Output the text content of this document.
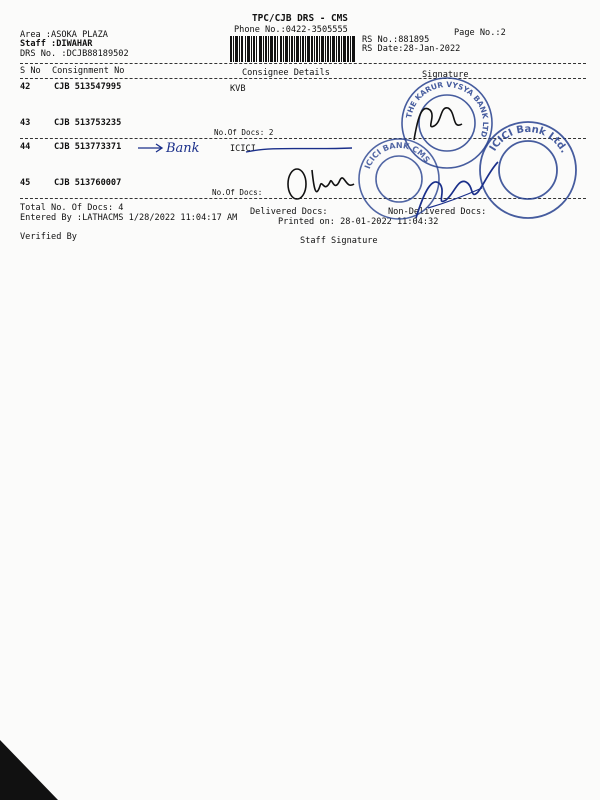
TPC/CJB DRS - CMS
Phone No.:0422-3505555	Page No.:2
Area :ASOKA PLAZA
Staff :DIWAHAR
DRS No. :DCJB88189502
RS No.:881895
RS Date:28-Jan-2022
S No Consignment No	Consignee Details	Signature
42	CJB 513547995	KVB
43	CJB 513753235
No.Of Docs: 2
44	CJB 513773371	ICICI
45	CJB 513760007
No.Of Docs:
Total No. Of Docs: 4	Delivered Docs:	Non-Delivered Docs:
Entered By :LATHACMS 1/28/2022 11:04:17 AM	Printed on: 28-01-2022 11:04:32
Verified By	Staff Signature
THE KARUR VYSYA BANK LTD
ICICI BANK CMS
ICICI Bank Ltd.
Bank
